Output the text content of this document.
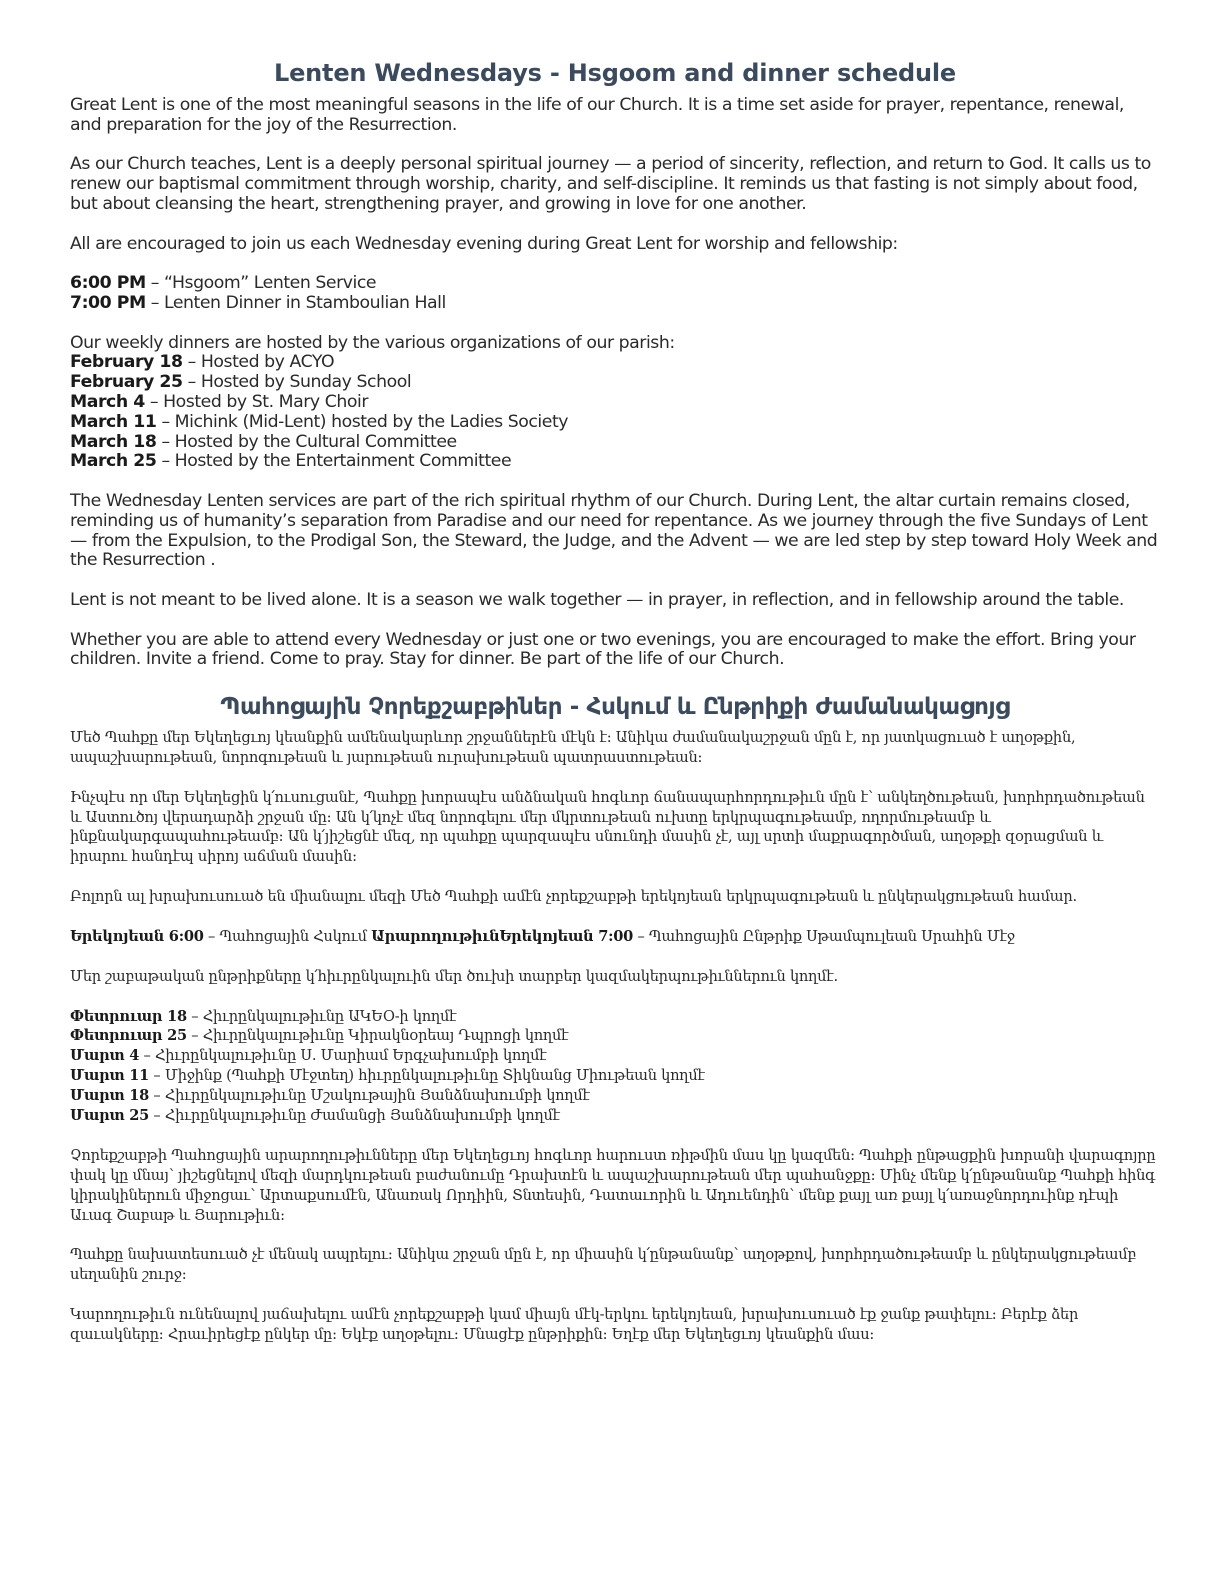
Lenten Wednesdays - Hsgoom and dinner schedule

Great Lent is one of the most meaningful seasons in the life of our Church. It is a time set aside for prayer, repentance, renewal, and preparation for the joy of the Resurrection.

As our Church teaches, Lent is a deeply personal spiritual journey — a period of sincerity, reflection, and return to God. It calls us to renew our baptismal commitment through worship, charity, and self-discipline. It reminds us that fasting is not simply about food, but about cleansing the heart, strengthening prayer, and growing in love for one another.

All are encouraged to join us each Wednesday evening during Great Lent for worship and fellowship:

6:00 PM – “Hsgoom” Lenten Service
7:00 PM – Lenten Dinner in Stamboulian Hall
Our weekly dinners are hosted by the various organizations of our parish:
February 18 – Hosted by ACYO
February 25 – Hosted by Sunday School
March 4 – Hosted by St. Mary Choir
March 11 – Michink (Mid-Lent) hosted by the Ladies Society
March 18 – Hosted by the Cultural Committee
March 25 – Hosted by the Entertainment Committee

The Wednesday Lenten services are part of the rich spiritual rhythm of our Church. During Lent, the altar curtain remains closed, reminding us of humanity’s separation from Paradise and our need for repentance. As we journey through the five Sundays of Lent — from the Expulsion, to the Prodigal Son, the Steward, the Judge, and the Advent — we are led step by step toward Holy Week and the Resurrection .

Lent is not meant to be lived alone. It is a season we walk together — in prayer, in reflection, and in fellowship around the table.

Whether you are able to attend every Wednesday or just one or two evenings, you are encouraged to make the effort. Bring your children. Invite a friend. Come to pray. Stay for dinner. Be part of the life of our Church.

Պահոցային Չորեքշաբթիներ - Հսկում և Ընթրիքի Ժամանակացոյց

Մեծ Պահքը մեր Եկեղեցւոյ կեանքին ամենակարևոր շրջաններէն մէկն է: Անիկա ժամանակաշրջան մըն է, որ յատկացուած է աղօթքին, ապաշխարութեան, նորոգութեան և յարութեան ուրախութեան պատրաստութեան:

Ինչպէս որ մեր Եկեղեցին կ՛ուսուցանէ, Պահքը խորապէս անձնական հոգևոր ճանապարհորդութիւն մըն է՝ անկեղծութեան, խորհրդածութեան և Աստուծոյ վերադարձի շրջան մը: Ան կ՛կոչէ մեզ նորոգելու մեր մկրտութեան ուխտը երկրպագութեամբ, ողորմութեամբ և ինքնակարգապահութեամբ: Ան կ՛յիշեցնէ մեզ, որ պահքը պարզապէս սնունդի մասին չէ, այլ սրտի մաքրագործման, աղօթքի զօրացման և իրարու հանդէպ սիրոյ աճման մասին:

Բոլորն ալ խրախուսուած են միանալու մեզի Մեծ Պահքի ամէն չորեքշաբթի երեկոյեան երկրպագութեան և ընկերակցութեան համար.

Երեկոյեան 6:00 – Պահոցային Հսկում ԱրարողութիւնԵրեկոյեան 7:00 – Պահոցային Ընթրիք Սթամպուլեան Սրահին Մէջ

Մեր շաբաթական ընթրիքները կ՛հիւրընկալուին մեր ծուխի տարբեր կազմակերպութիւններուն կողմէ.

Փետրուար 18 – Հիւրընկալութիւնը ԱԿԵՕ-ի կողմէ
Փետրուար 25 – Հիւրընկալութիւնը Կիրակնօրեայ Դպրոցի կողմէ
Մարտ 4 – Հիւրընկալութիւնը Ս. Մարիամ Երգչախումբի կողմէ
Մարտ 11 – Միջինք (Պահքի Մէջտեղ) հիւրընկալութիւնը Տիկնանց Միութեան կողմէ
Մարտ 18 – Հիւրընկալութիւնը Մշակութային Յանձնախումբի կողմէ
Մարտ 25 – Հիւրընկալութիւնը Ժամանցի Յանձնախումբի կողմէ

Չորեքշաբթի Պահոցային արարողութիւնները մեր Եկեղեցւոյ հոգևոր հարուստ ռիթմին մաս կը կազմեն: Պահքի ընթացքին խորանի վարագոյրը փակ կը մնայ՝ յիշեցնելով մեզի մարդկութեան բաժանումը Դրախտէն և ապաշխարութեան մեր պահանջքը: Մինչ մենք կ՛ընթանանք Պահքի հինգ կիրակիներուն միջոցաւ՝ Արտաքսումէն, Անառակ Որդիին, Տնտեսին, Դատաւորին և Ադուենդին՝ մենք քայլ առ քայլ կ՛առաջնորդուինք դէպի Աւագ Շաբաթ և Յարութիւն:

Պահքը նախատեսուած չէ մենակ ապրելու: Անիկա շրջան մըն է, որ միասին կ՛ընթանանք՝ աղօթքով, խորհրդածութեամբ և ընկերակցութեամբ սեղանին շուրջ:

Կարողութիւն ունենալով յաճախելու ամէն չորեքշաբթի կամ միայն մէկ-երկու երեկոյեան, խրախուսուած էք ջանք թափելու: Բերէք ձեր զաւակները: Հրաւիրեցէք ընկեր մը: Եկէք աղօթելու: Մնացէք ընթրիքին: Եղէք մեր Եկեղեցւոյ կեանքին մաս:
